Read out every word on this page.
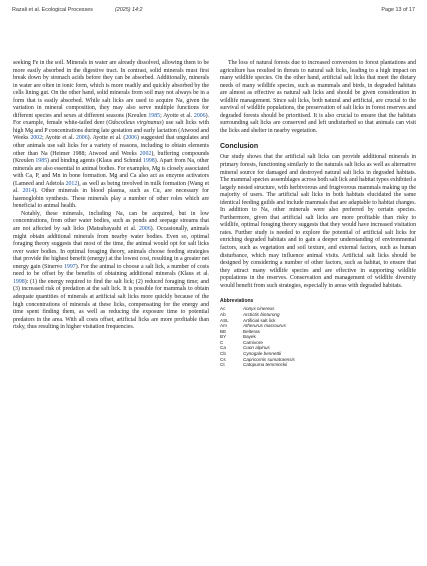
Razali et al. Ecological Processes	(2025) 14:2	Page 13 of 17

seeking Fe in the soil. Minerals in water are already dissolved, allowing them to be more easily absorbed in the digestive tract. In contrast, solid minerals must first break down by stomach acids before they can be absorbed. Additionally, minerals in water are often in ionic form, which is more readily and quickly absorbed by the cells lining gut. On the other hand, solid minerals from soil may not always be in a form that is easily absorbed. While salt licks are used to acquire Na, given the variation in mineral composition, they may also serve multiple functions for different species and sexes at different seasons (Kreulen 1985; Ayotte et al. 2006). For example, female white-tailed deer (Odocoileus virginanus) use salt licks with high Mg and P concentrations during late gestation and early lactation (Atwood and Weeks 2002; Ayotte et al. 2006). Ayotte et al. (2006) suggested that ungulates and other animals use salt licks for a variety of reasons, including to obtain elements other than Na (Heimer 1988; Atwood and Weeks 2002), buffering compounds (Kreulen 1985) and binding agents (Klaus and Schmid 1998). Apart from Na, other minerals are also essential to animal bodies. For examples, Mg is closely associated with Ca, P, and Mn in bone formation. Mg and Ca also act as enzyme activators (Lameed and Adetola 2012), as well as being involved in milk formation (Wang et al. 2014). Other minerals in blood plasma, such as Cu, are necessary for haemoglobin synthesis. These minerals play a number of other roles which are beneficial to animal health.

Notably, these minerals, including Na, can be acquired, but in low concentrations, from other water bodies, such as ponds and seepage streams that are not affected by salt licks (Matsubayashi et al. 2006). Occasionally, animals might obtain additional minerals from nearby water bodies. Even so, optimal foraging theory suggests that most of the time, the animal would opt for salt licks over water bodies. In optimal foraging theory, animals choose feeding strategies that provide the highest benefit (energy) at the lowest cost, resulting in a greater net energy gain (Sinervo 1997). For the animal to choose a salt lick, a number of costs need to be offset by the benefits of obtaining additional minerals (Klaus et al. 1998): (1) the energy required to find the salt lick; (2) reduced foraging time; and (3) increased risk of predation at the salt lick. It is possible for mammals to obtain adequate quantities of minerals at artificial salt licks more quickly because of the high concentrations of minerals at these licks, compensating for the energy and time spent finding them, as well as reducing the exposure time to potential predators in the area. With all costs offset, artificial licks are more profitable than risky, thus resulting in higher visitation frequencies.

The loss of natural forests due to increased conversion to forest plantations and agriculture has resulted in threats to natural salt licks, leading to a high impact on many wildlife species. On the other hand, artificial salt licks that meet the dietary needs of many wildlife species, such as mammals and birds, in degraded habitats are almost as effective as natural salt licks and should be given consideration in wildlife management. Since salt licks, both natural and artificial, are crucial to the survival of wildlife populations, the preservation of salt licks in forest reserves and degraded forests should be prioritised. It is also crucial to ensure that the habitats surrounding salt licks are conserved and left undisturbed so that animals can visit the licks and shelter in nearby vegetation.

Conclusion

Our study shows that the artificial salt licks can provide additional minerals in primary forests, functioning similarly to the naturals salt licks as well as alternative mineral source for damaged and destroyed natural salt licks in degraded habitats. The mammal species assemblages across both salt lick and habitat types exhibited a largely nested structure, with herbivorous and frugivorous mammals making up the majority of users. The artificial salt licks in both habitats elucidated the same identical feeding guilds and include mammals that are adaptable to habitat changes. In addition to Na, other minerals were also preferred by certain species. Furthermore, given that artificial salt licks are more profitable than risky to wildlife, optimal foraging theory suggests that they would have increased visitation rates. Further study is needed to explore the potential of artificial salt licks for enriching degraded habitats and to gain a deeper understanding of environmental factors, such as vegetation and soil texture, and external factors, such as human disturbance, which may influence animal visits. Artificial salt licks should be designed by considering a number of other factors, such as habitat, to ensure that they attract many wildlife species and are effective in supporting wildlife populations in the reserves. Conservation and management of wildlife diversity would benefit from such strategies, especially in areas with degraded habitats.

Abbreviations
Ac	Aonyx cinereus
Ab	Arctictis binturong
ASL	Artificial salt lick
Am	Atherurus macrourus
BE	Belteras
BY	Bayek
C	Carnivore
Ca	Cuon alpinus
Cb	Cynogale bennettii
Cs	Capricornis sumatraensis
Ct	Catopuma temminckii
